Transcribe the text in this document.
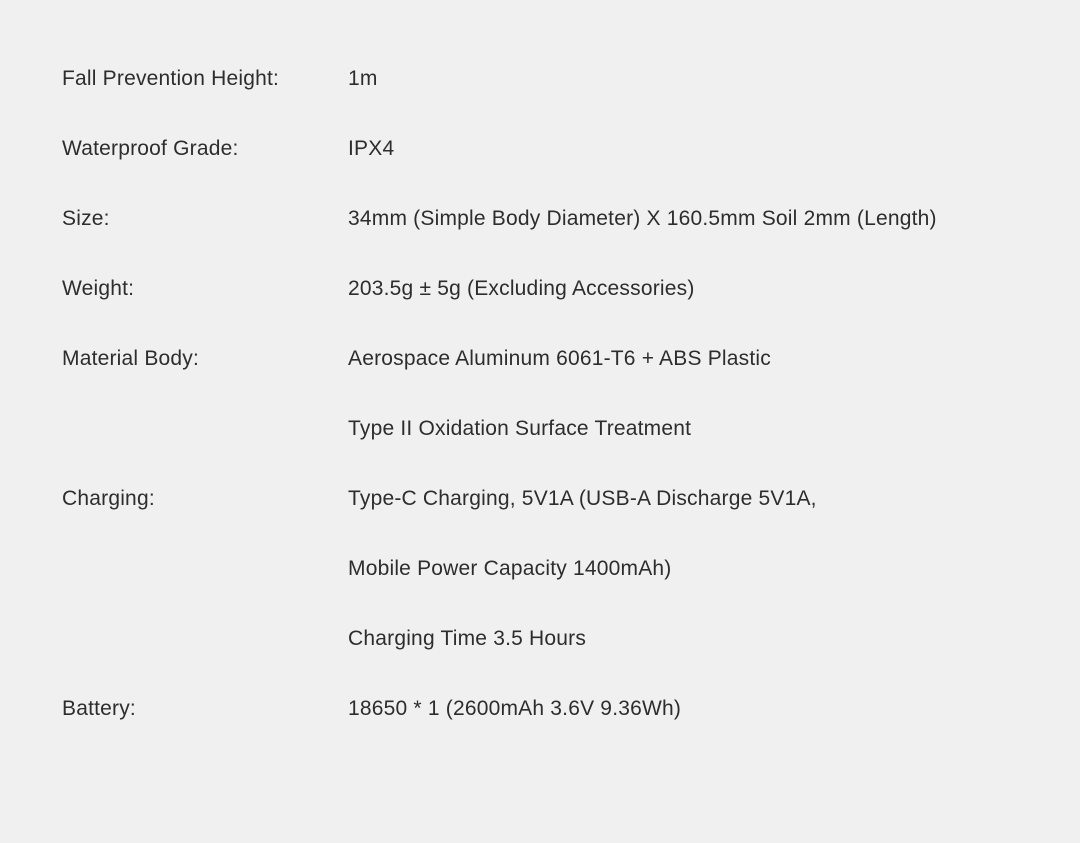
Fall Prevention Height:	1m
Waterproof Grade:	IPX4
Size:	34mm (Simple Body Diameter) X 160.5mm Soil 2mm (Length)
Weight:	203.5g ± 5g (Excluding Accessories)
Material Body:	Aerospace Aluminum 6061-T6 + ABS Plastic
Type II Oxidation Surface Treatment
Charging:	Type-C Charging, 5V1A (USB-A Discharge 5V1A,
Mobile Power Capacity 1400mAh)
Charging Time 3.5 Hours
Battery:	18650 * 1 (2600mAh 3.6V 9.36Wh)
